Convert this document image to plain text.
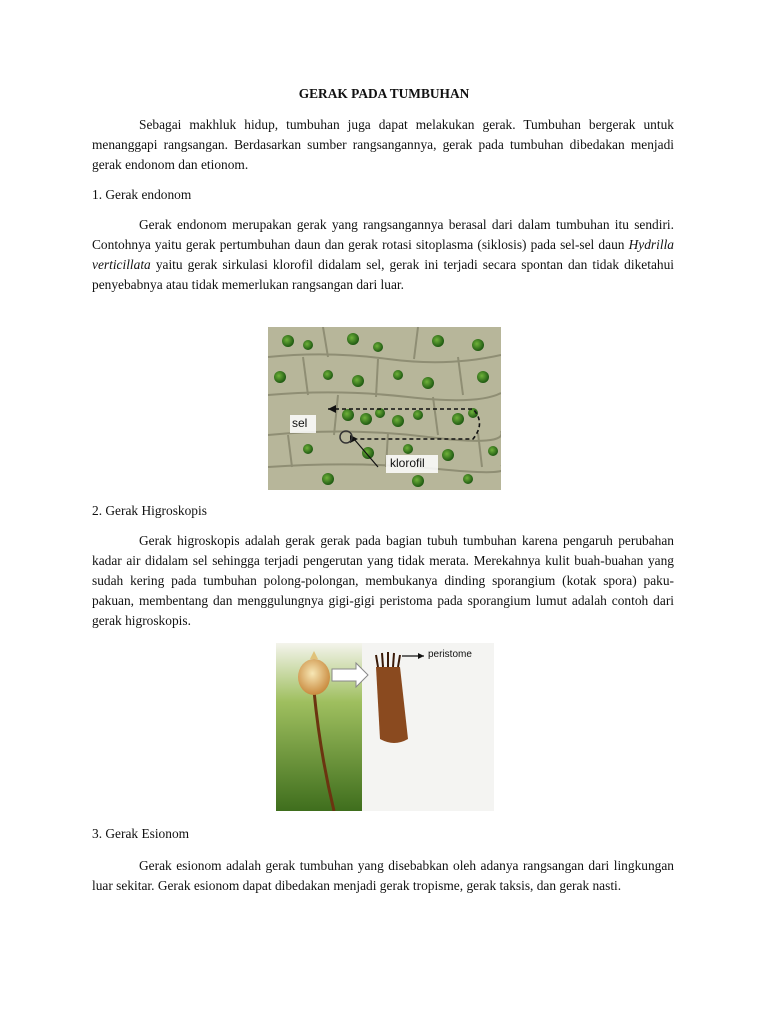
GERAK PADA TUMBUHAN

Sebagai makhluk hidup, tumbuhan juga dapat melakukan gerak. Tumbuhan bergerak untuk menanggapi rangsangan. Berdasarkan sumber rangsangannya, gerak pada tumbuhan dibedakan menjadi gerak endonom dan etionom.

1. Gerak endonom

Gerak endonom merupakan gerak yang rangsangannya berasal dari dalam tumbuhan itu sendiri. Contohnya yaitu gerak pertumbuhan daun dan gerak rotasi sitoplasma (siklosis) pada sel-sel daun Hydrilla verticillata yaitu gerak sirkulasi klorofil didalam sel, gerak ini terjadi secara spontan dan tidak diketahui penyebabnya atau tidak memerlukan rangsangan dari luar.

sel
klorofil

2. Gerak Higroskopis

Gerak higroskopis adalah gerak gerak pada bagian tubuh tumbuhan karena pengaruh perubahan kadar air didalam sel sehingga terjadi pengerutan yang tidak merata. Merekahnya kulit buah-buahan yang sudah kering pada tumbuhan polong-polongan, membukanya dinding sporangium (kotak spora) paku-pakuan, membentang dan menggulungnya gigi-gigi peristoma pada sporangium lumut adalah contoh dari gerak higroskopis.

peristome

3. Gerak Esionom

Gerak esionom adalah gerak tumbuhan yang disebabkan oleh adanya rangsangan dari lingkungan luar sekitar. Gerak esionom dapat dibedakan menjadi gerak tropisme, gerak taksis, dan gerak nasti.
